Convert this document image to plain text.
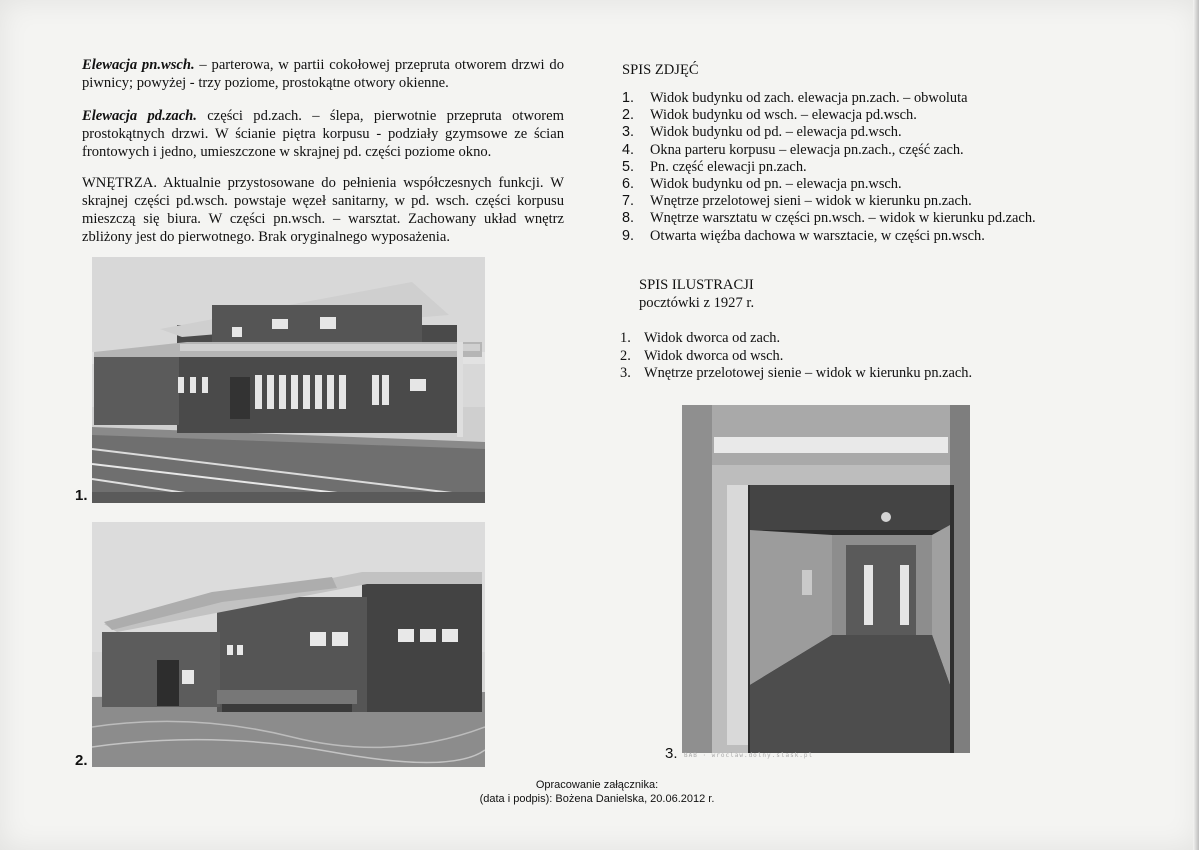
Elewacja pn.wsch. – parterowa, w partii cokołowej przepruta otworem drzwi do piwnicy; powyżej - trzy poziome, prostokątne otwory okienne.

Elewacja pd.zach. części pd.zach. – ślepa, pierwotnie przepruta otworem prostokątnych drzwi. W ścianie piętra korpusu - podziały gzymsowe ze ścian frontowych i jedno, umieszczone w skrajnej pd. części poziome okno.

WNĘTRZA. Aktualnie przystosowane do pełnienia współczesnych funkcji. W skrajnej części pd.wsch. powstaje węzeł sanitarny, w pd. wsch. części korpusu mieszczą się biura. W części pn.wsch. – warsztat. Zachowany układ wnętrz zbliżony jest do pierwotnego. Brak oryginalnego wyposażenia.

1.
2.	3. BAB · wroclaw.dolny.slask.pl
SPIS ZDJĘĆ
1. Widok budynku od zach. elewacja pn.zach. – obwoluta
2. Widok budynku od wsch. – elewacja pd.wsch.
3. Widok budynku od pd. – elewacja pd.wsch.
4. Okna parteru korpusu – elewacja pn.zach., część zach.
5. Pn. część elewacji pn.zach.
6. Widok budynku od pn. – elewacja pn.wsch.
7. Wnętrze przelotowej sieni – widok w kierunku pn.zach.
8. Wnętrze warsztatu w części pn.wsch. – widok w kierunku pd.zach.
9. Otwarta więźba dachowa w warsztacie, w części pn.wsch.
SPIS ILUSTRACJI
pocztówki z 1927 r.
1. Widok dworca od zach.
2. Widok dworca od wsch.
3. Wnętrze przelotowej sienie – widok w kierunku pn.zach.
Opracowanie załącznika:
(data i podpis): Bożena Danielska, 20.06.2012 r.
